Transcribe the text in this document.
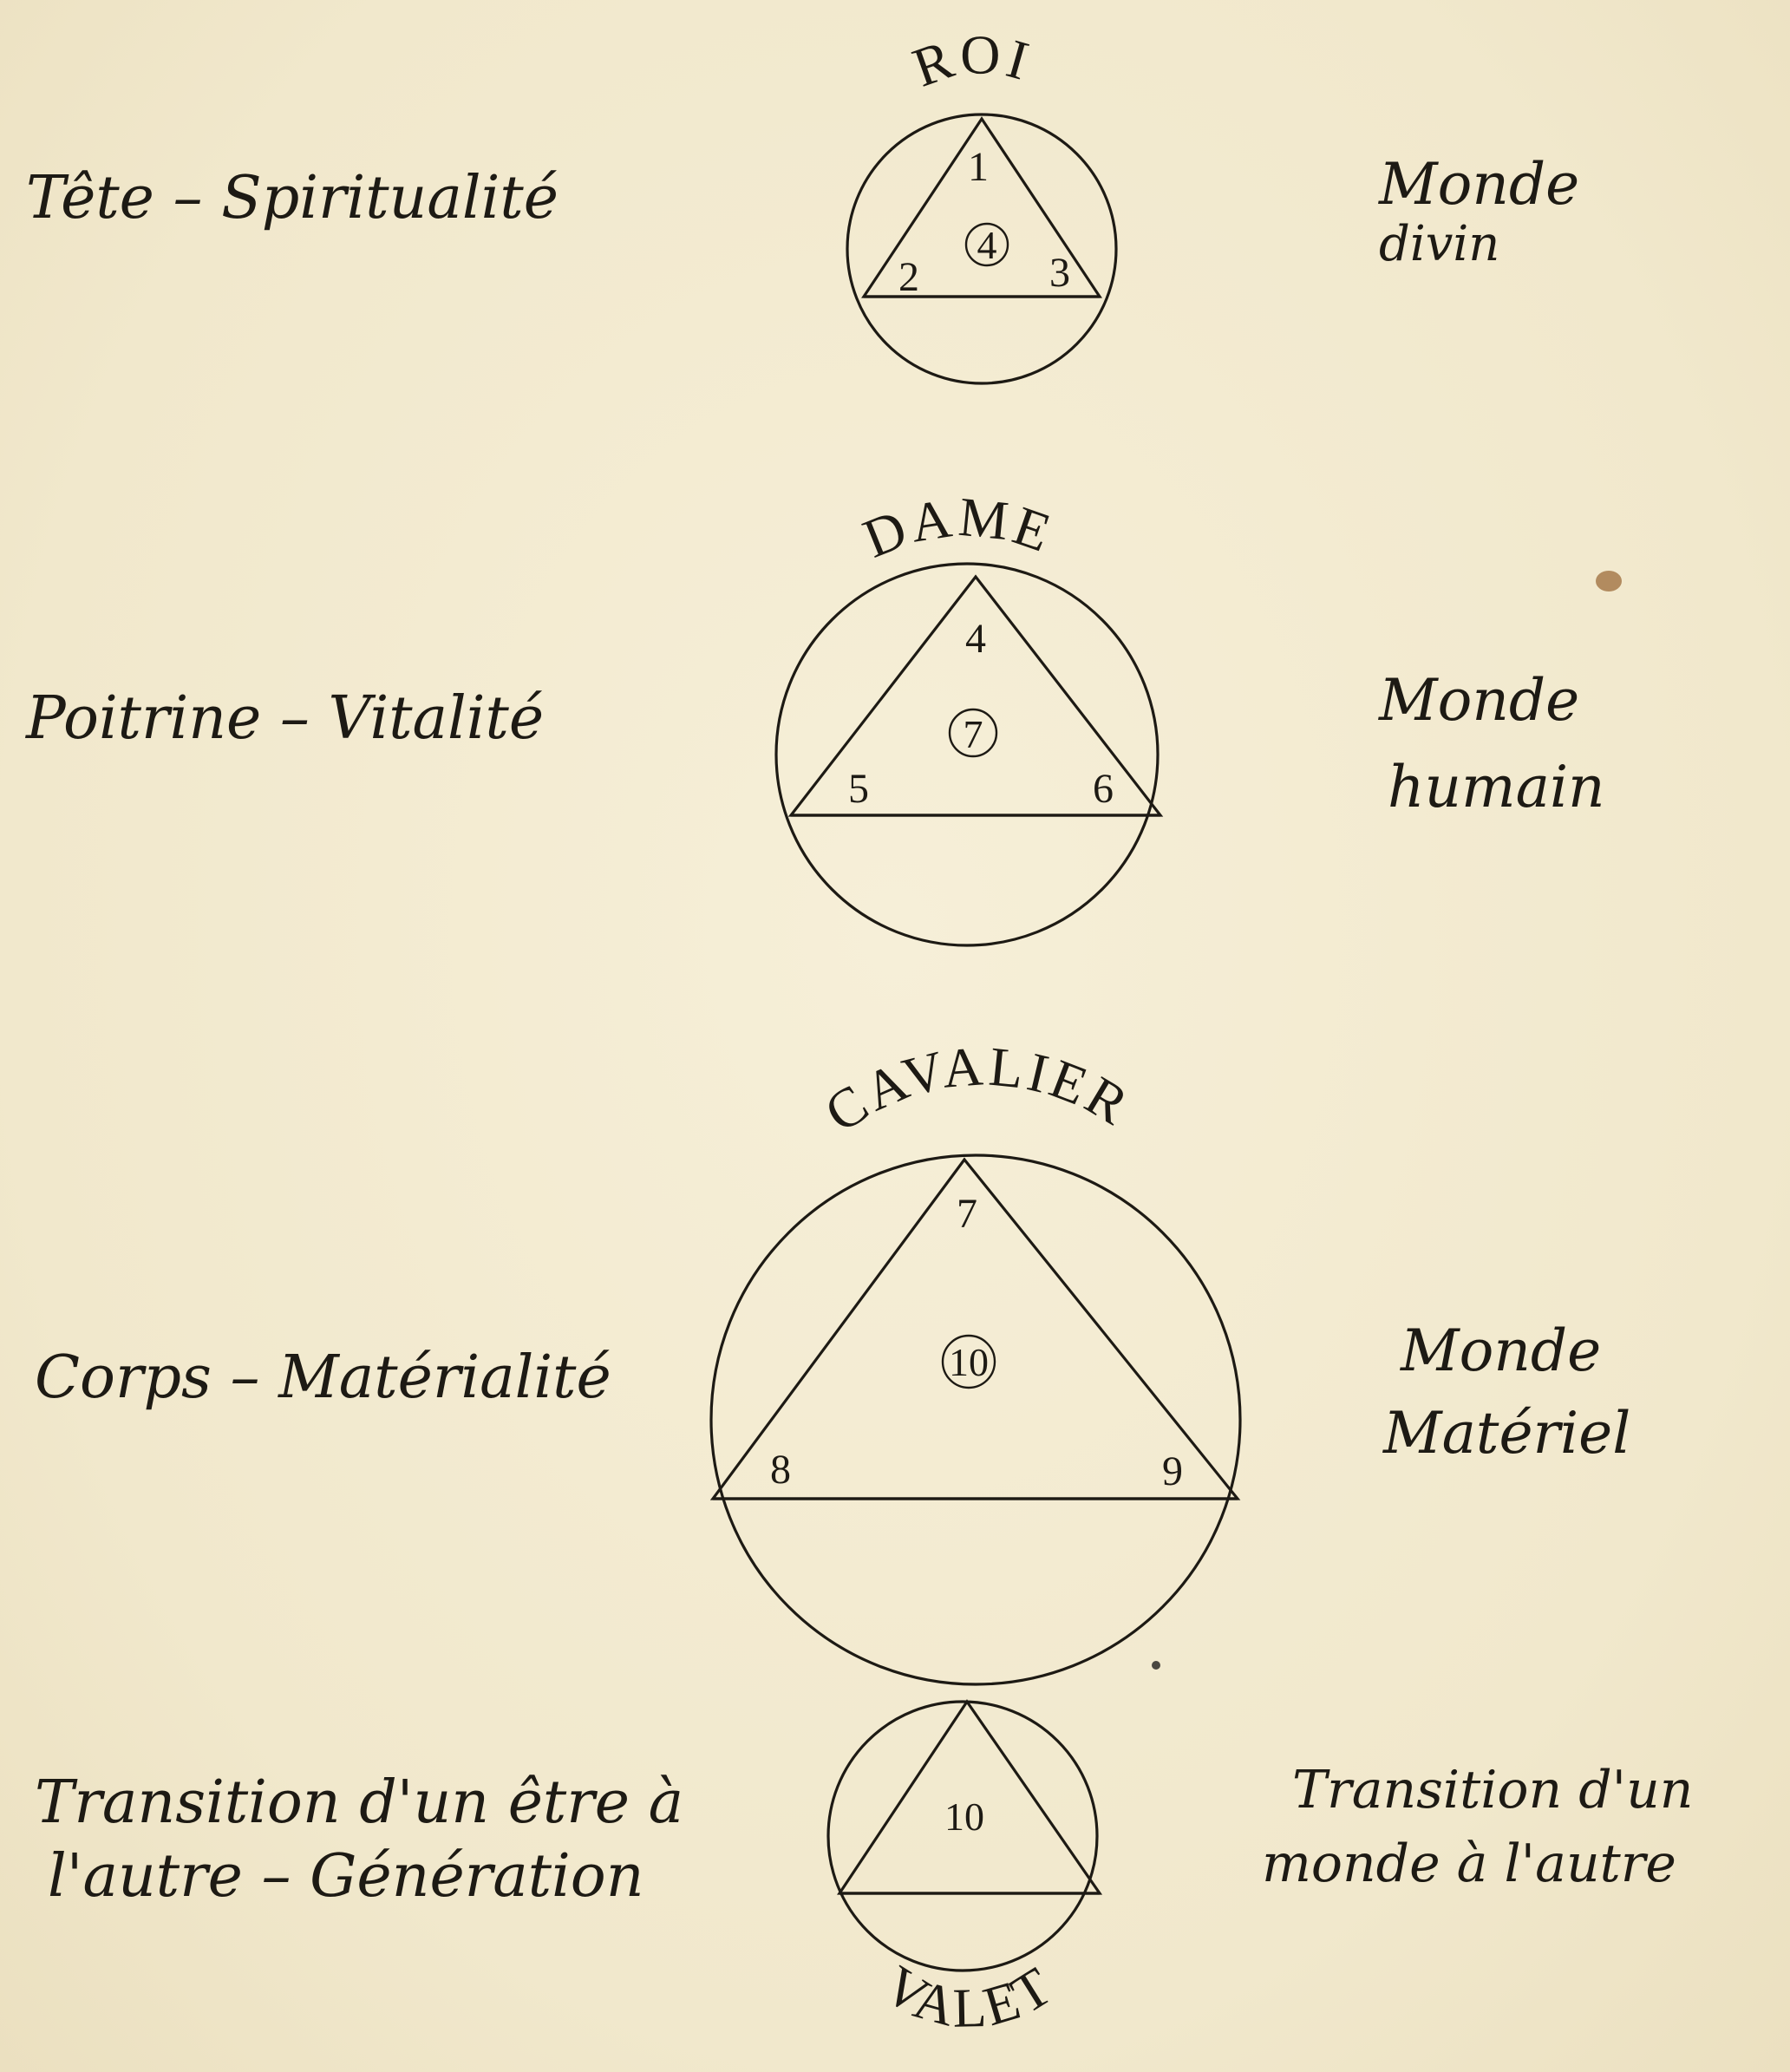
Tête – Spiritualité
Poitrine – Vitalité
Corps – Matérialité
Transition d'un être à
l'autre – Génération
Monde
divin
Monde
humain
Monde
Matériel
Transition d'un
monde à l'autre
4
1
2	3
ROI
7
4
5	6
DAME
10
7
8	9
CAVALIER
10
VALET
